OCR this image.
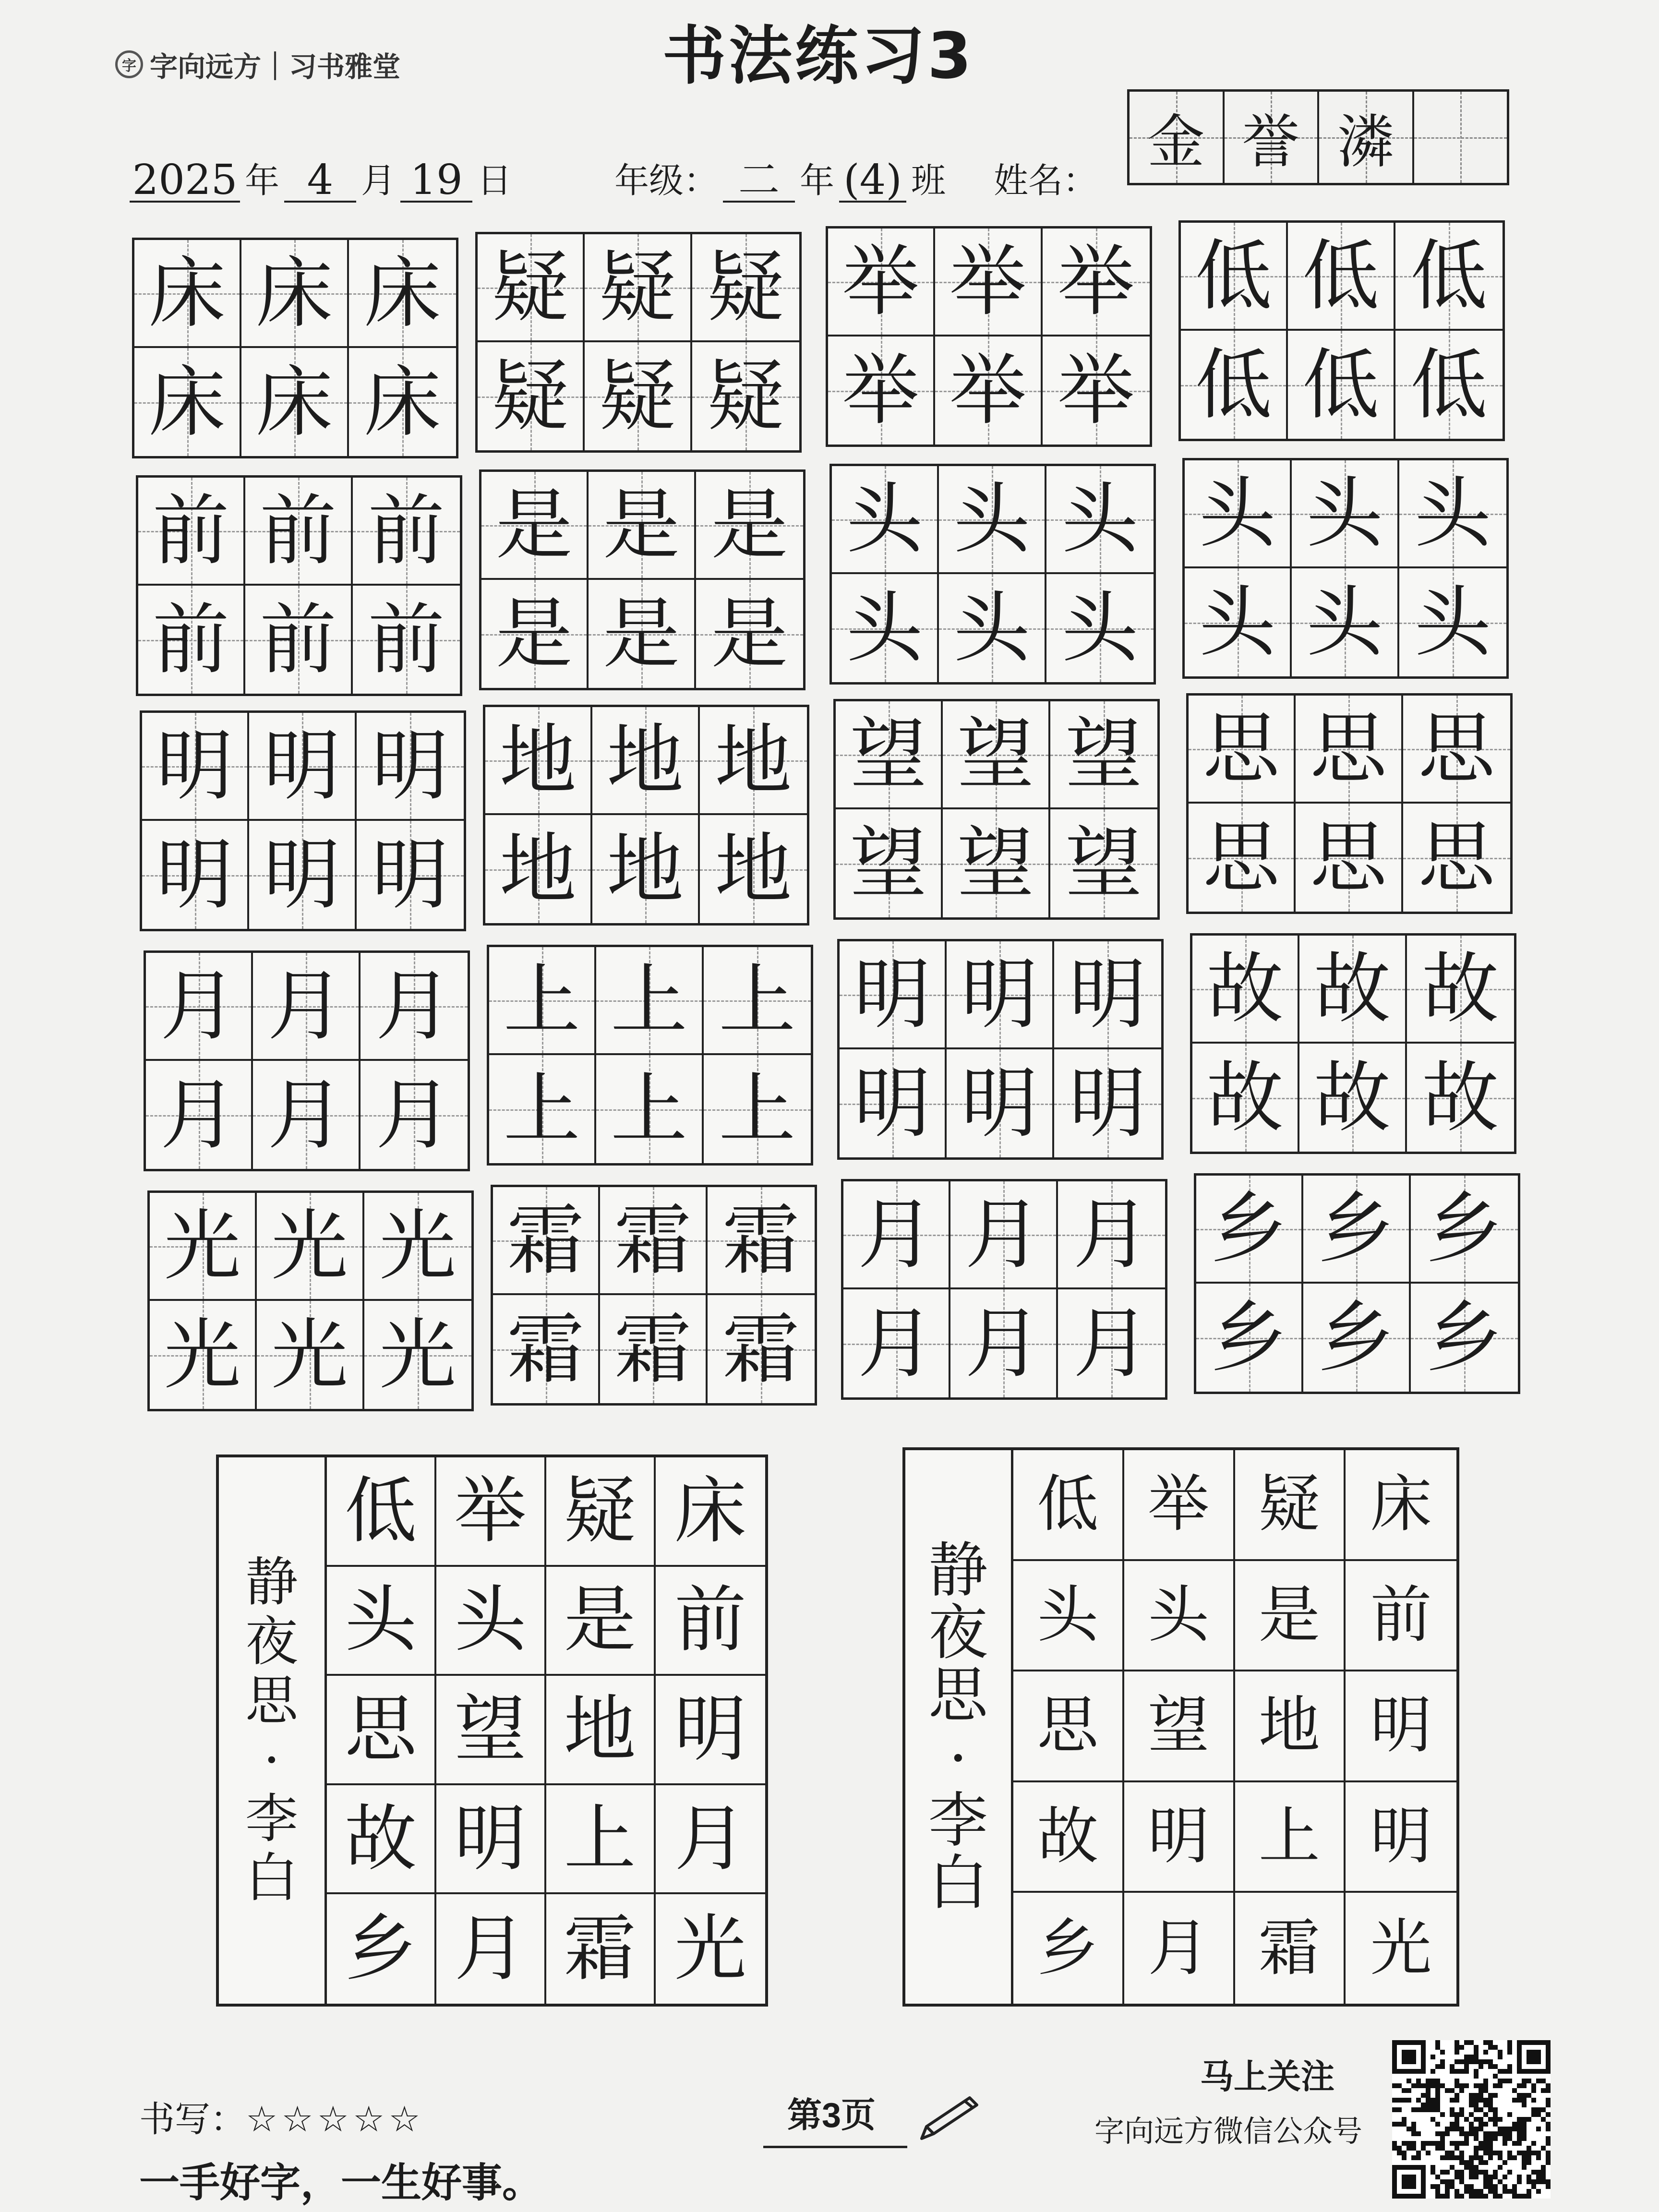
字 字向远方｜习书雅堂	书法练习3
2025 年 4 月 19 日	年级： 二 年 (4) 班 姓名：
金 誉 潾
床 床 床
床 床 床
疑 疑 疑
疑 疑 疑
举 举 举
举 举 举
低 低 低
低 低 低
前 前 前
前 前 前
是 是 是
是 是 是
头 头 头
头 头 头
头 头 头
头 头 头
明 明 明
明 明 明
地 地 地
地 地 地
望 望 望
望 望 望
思 思 思
思 思 思
月 月 月
月 月 月
上 上 上
上 上 上
明 明 明
明 明 明
故 故 故
故 故 故
光 光 光
光 光 光
霜 霜 霜
霜 霜 霜
月 月 月
月 月 月
乡 乡 乡
乡 乡 乡
静
夜
思
·
李
白
低 举 疑 床
头 头 是 前
思 望 地 明
故 明 上 月
乡 月 霜 光
静
夜
思
·
李
白
低 举 疑 床
头 头 是 前
思 望 地 明
故 明 上 明
乡 月 霜 光
书写：☆☆☆☆☆	第3页
一手好字，一生好事。
马上关注
字向远方微信公众号
